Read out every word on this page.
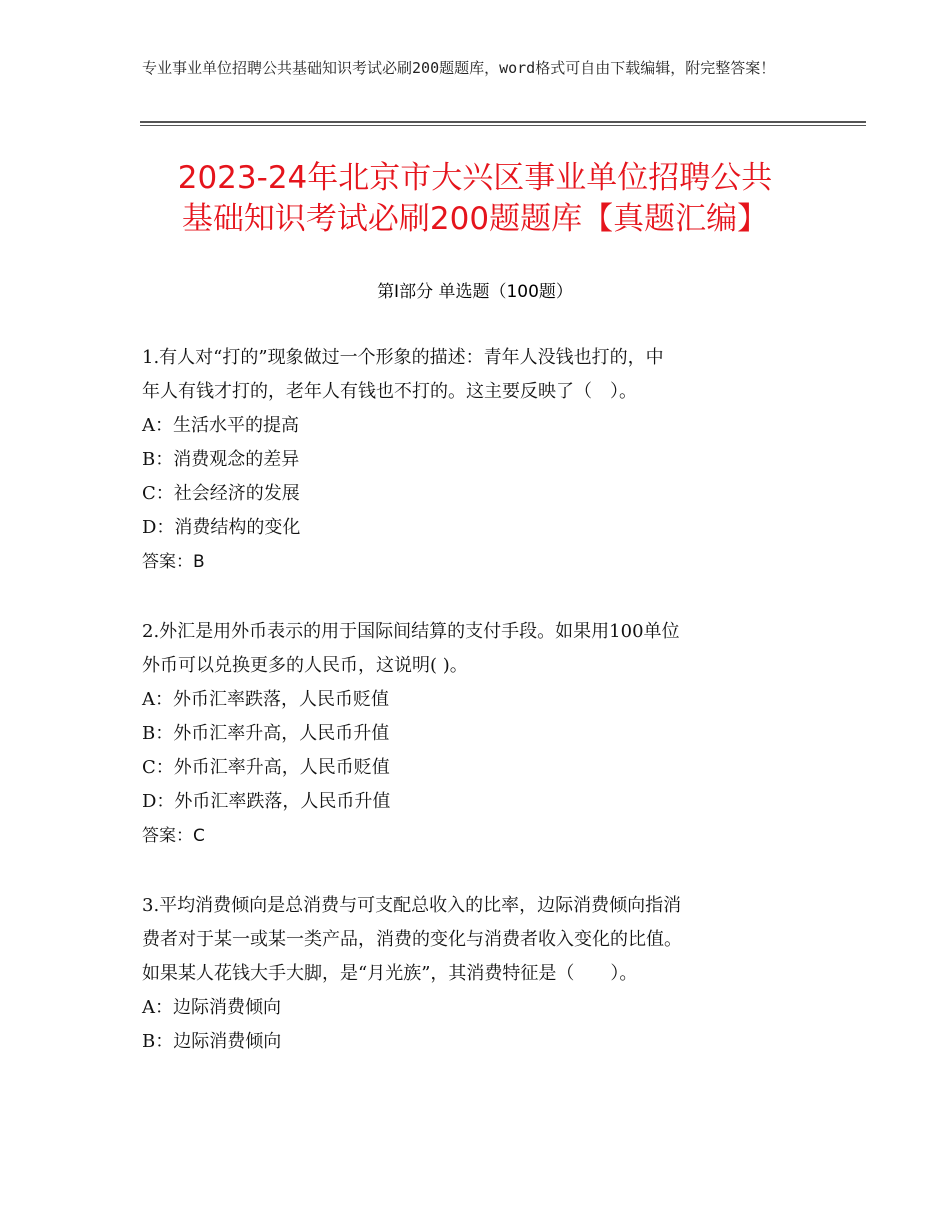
专业事业单位招聘公共基础知识考试必刷200题题库，word格式可自由下载编辑，附完整答案！
2023-24年北京市大兴区事业单位招聘公共
基础知识考试必刷200题题库【真题汇编】
第Ⅰ部分 单选题（100题）
1.有人对“打的”现象做过一个形象的描述：青年人没钱也打的，中
年人有钱才打的，老年人有钱也不打的。这主要反映了（　）。
A：生活水平的提高
B：消费观念的差异
C：社会经济的发展
D：消费结构的变化
答案：B
2.外汇是用外币表示的用于国际间结算的支付手段。如果用100单位
外币可以兑换更多的人民币，这说明( )。
A：外币汇率跌落，人民币贬值
B：外币汇率升高，人民币升值
C：外币汇率升高，人民币贬值
D：外币汇率跌落，人民币升值
答案：C
3.平均消费倾向是总消费与可支配总收入的比率，边际消费倾向指消
费者对于某一或某一类产品，消费的变化与消费者收入变化的比值。
如果某人花钱大手大脚，是“月光族”，其消费特征是（　　）。
A：边际消费倾向
B：边际消费倾向
